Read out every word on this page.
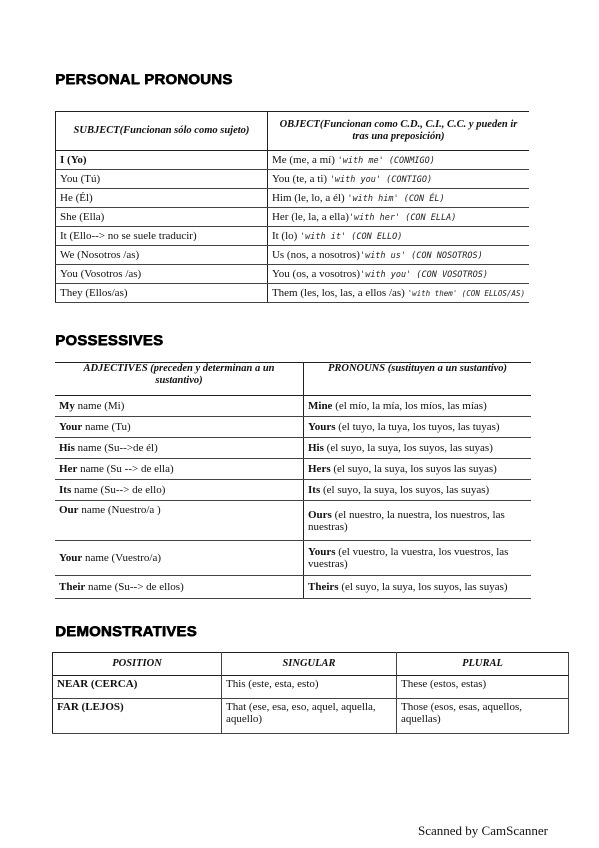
PERSONAL PRONOUNS
SUBJECT(Funcionan sólo como sujeto)	OBJECT(Funcionan como C.D., C.I., C.C. y pueden ir tras una preposición)
I (Yo)	Me (me, a mí) 'with me' (CONMIGO)
You (Tú)	You (te, a ti) 'with you' (CONTIGO)
He (Él)	Him (le, lo, a él) 'with him' (CON ÉL)
She (Ella)	Her (le, la, a ella)'with her' (CON ELLA)
It (Ello--> no se suele traducir)	It (lo) 'with it' (CON ELLO)
We (Nosotros /as)	Us (nos, a nosotros)'with us' (CON NOSOTROS)
You (Vosotros /as)	You (os, a vosotros)'with you' (CON VOSOTROS)
They (Ellos/as)	Them (les, los, las, a ellos /as) 'with them' (CON ELLOS/AS)
POSSESSIVES
ADJECTIVES (preceden y determinan a un sustantivo)	PRONOUNS (sustituyen a un sustantivo)
My name (Mi)	Mine (el mío, la mía, los míos, las mías)
Your name (Tu)	Yours (el tuyo, la tuya, los tuyos, las tuyas)
His name (Su-->de él)	His (el suyo, la suya, los suyos, las suyas)
Her name (Su --> de ella)	Hers (el suyo, la suya, los suyos las suyas)
Its name (Su--> de ello)	Its (el suyo, la suya, los suyos, las suyas)
Our name (Nuestro/a )	Ours (el nuestro, la nuestra, los nuestros, las nuestras)
Your name (Vuestro/a)	Yours (el vuestro, la vuestra, los vuestros, las vuestras)
Their name (Su--> de ellos)	Theirs (el suyo, la suya, los suyos, las suyas)
DEMONSTRATIVES
POSITION	SINGULAR	PLURAL
NEAR (CERCA)	This (este, esta, esto)	These (estos, estas)
FAR (LEJOS)	That (ese, esa, eso, aquel, aquella, aquello)	Those (esos, esas, aquellos, aquellas)
Scanned by CamScanner
